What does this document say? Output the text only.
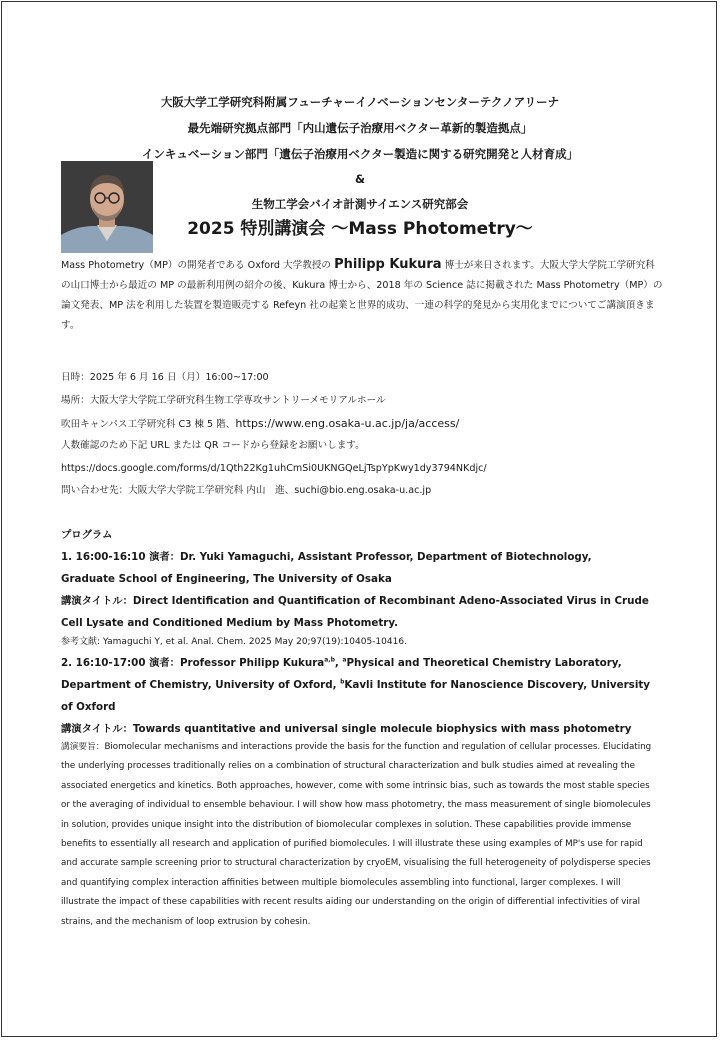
大阪大学工学研究科附属フューチャーイノベーションセンターテクノアリーナ
最先端研究拠点部門「内山遺伝子治療用ベクター革新的製造拠点」
インキュベーション部門「遺伝子治療用ベクター製造に関する研究開発と人材育成」
&
生物工学会バイオ計測サイエンス研究部会
2025 特別講演会 ～Mass Photometry～
Mass Photometry（MP）の開発者である Oxford 大学教授の Philipp Kukura 博士が来日されます。大阪大学大学院工学研究科の山口博士から最近の MP の最新利用例の紹介の後、Kukura 博士から、2018 年の Science 誌に掲載された Mass Photometry（MP）の論文発表、MP 法を利用した装置を製造販売する Refeyn 社の起業と世界的成功、一連の科学的発見から実用化までについてご講演頂きます。
日時：2025 年 6 月 16 日（月）16:00~17:00
場所：大阪大学大学院工学研究科生物工学専攻サントリーメモリアルホール
吹田キャンパス工学研究科 C3 棟 5 階、https://www.eng.osaka-u.ac.jp/ja/access/
人数確認のため下記 URL または QR コードから登録をお願いします。
https://docs.google.com/forms/d/1Qth22Kg1uhCmSi0UKNGQeLjTspYpKwy1dy3794NKdjc/
問い合わせ先：大阪大学大学院工学研究科 内山　進、suchi@bio.eng.osaka-u.ac.jp
プログラム
1. 16:00-16:10 演者：Dr. Yuki Yamaguchi, Assistant Professor, Department of Biotechnology,
Graduate School of Engineering, The University of Osaka
講演タイトル：Direct Identification and Quantification of Recombinant Adeno-Associated Virus in Crude
Cell Lysate and Conditioned Medium by Mass Photometry.
参考文献: Yamaguchi Y, et al. Anal. Chem. 2025 May 20;97(19):10405-10416.
2. 16:10-17:00 演者：Professor Philipp Kukura$^{a,b}$, $^a$Physical and Theoretical Chemistry Laboratory,
Department of Chemistry, University of Oxford, $^b$Kavli Institute for Nanoscience Discovery, University
of Oxford
講演タイトル：Towards quantitative and universal single molecule biophysics with mass photometry
講演要旨：Biomolecular mechanisms and interactions provide the basis for the function and regulation of cellular processes. Elucidating the underlying processes traditionally relies on a combination of structural characterization and bulk studies aimed at revealing the associated energetics and kinetics. Both approaches, however, come with some intrinsic bias, such as towards the most stable species or the averaging of individual to ensemble behaviour. I will show how mass photometry, the mass measurement of single biomolecules in solution, provides unique insight into the distribution of biomolecular complexes in solution. These capabilities provide immense benefits to essentially all research and application of purified biomolecules. I will illustrate these using examples of MP's use for rapid and accurate sample screening prior to structural characterization by cryoEM, visualising the full heterogeneity of polydisperse species and quantifying complex interaction affinities between multiple biomolecules assembling into functional, larger complexes. I will illustrate the impact of these capabilities with recent results aiding our understanding on the origin of differential infectivities of viral strains, and the mechanism of loop extrusion by cohesin.
